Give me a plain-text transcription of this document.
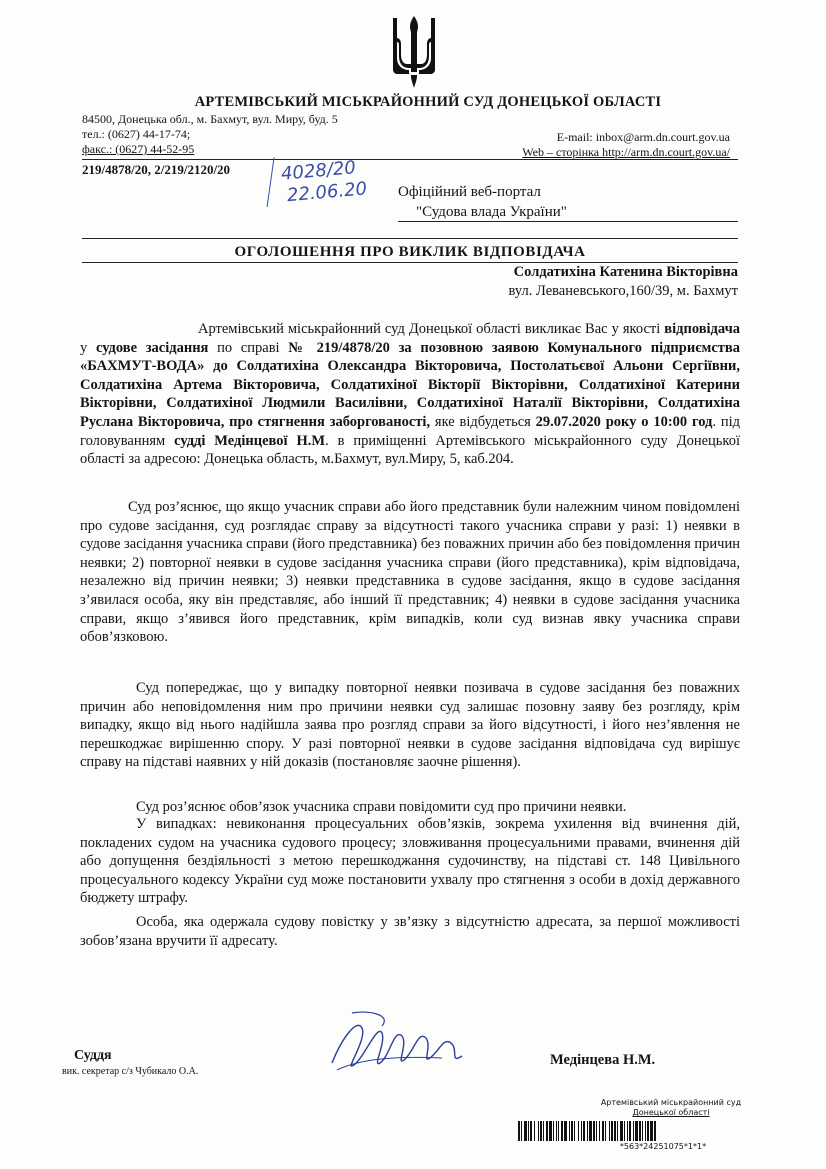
АРТЕМІВСЬКИЙ МІСЬКРАЙОННИЙ СУД ДОНЕЦЬКОЇ ОБЛАСТІ
84500, Донецька обл., м. Бахмут, вул. Миру, буд. 5
тел.: (0627) 44-17-74;
факс.: (0627) 44-52-95
E-mail: inbox@arm.dn.court.gov.ua
Web – сторінка http://arm.dn.court.gov.ua/
219/4878/20, 2/219/2120/20	4028/20
22.06.20 Офіційний веб-портал
"Судова влада України"
ОГОЛОШЕННЯ ПРО ВИКЛИК ВІДПОВІДАЧА
Солдатихіна Катенина Вікторівна
вул. Леваневського,160/39, м. Бахмут

Артемівський міськрайонний суд Донецької області викликає Вас у якості відповідача у судове засідання по справі № 219/4878/20 за позовною заявою Комунального підприємства «БАХМУТ-ВОДА» до Солдатихіна Олександра Вікторовича, Постолатьєвої Альони Сергіївни, Солдатихіна Артема Вікторовича, Солдатихіної Вікторії Вікторівни, Солдатихіної Катерини Вікторівни, Солдатихіної Людмили Василівни, Солдатихіної Наталії Вікторівни, Солдатихіна Руслана Вікторовича, про стягнення заборгованості, яке відбудеться 29.07.2020 року о 10:00 год. під головуванням судді Медінцевої Н.М. в приміщенні Артемівського міськрайонного суду Донецької області за адресою: Донецька область, м.Бахмут, вул.Миру, 5, каб.204.

Суд роз’яснює, що якщо учасник справи або його представник були належним чином повідомлені про судове засідання, суд розглядає справу за відсутності такого учасника справи у разі: 1) неявки в судове засідання учасника справи (його представника) без поважних причин або без повідомлення причин неявки; 2) повторної неявки в судове засідання учасника справи (його представника), крім відповідача, незалежно від причин неявки; 3) неявки представника в судове засідання, якщо в судове засідання з’явилася особа, яку він представляє, або інший її представник; 4) неявки в судове засідання учасника справи, якщо з’явився його представник, крім випадків, коли суд визнав явку учасника справи обов’язковою.

Суд попереджає, що у випадку повторної неявки позивача в судове засідання без поважних причин або неповідомлення ним про причини неявки суд залишає позовну заяву без розгляду, крім випадку, якщо від нього надійшла заява про розгляд справи за його відсутності, і його нез’явлення не перешкоджає вирішенню спору. У разі повторної неявки в судове засідання відповідача суд вирішує справу на підставі наявних у ній доказів (постановляє заочне рішення).

Суд роз’яснює обов’язок учасника справи повідомити суд про причини неявки.

У випадках: невиконання процесуальних обов’язків, зокрема ухилення від вчинення дій, покладених судом на учасника судового процесу; зловживання процесуальними правами, вчинення дій або допущення бездіяльності з метою перешкоджання судочинству, на підставі ст. 148 Цивільного процесуального кодексу України суд може постановити ухвалу про стягнення з особи в дохід державного бюджету штрафу.

Особа, яка одержала судову повістку у зв’язку з відсутністю адресата, за першої можливості зобов’язана вручити її адресату.

Суддя
вик. секретар с/з Чубикало О.А.
Медінцева Н.М.
Артемівський міськрайонний суд
Донецької області
*563*24251075*1*1*
